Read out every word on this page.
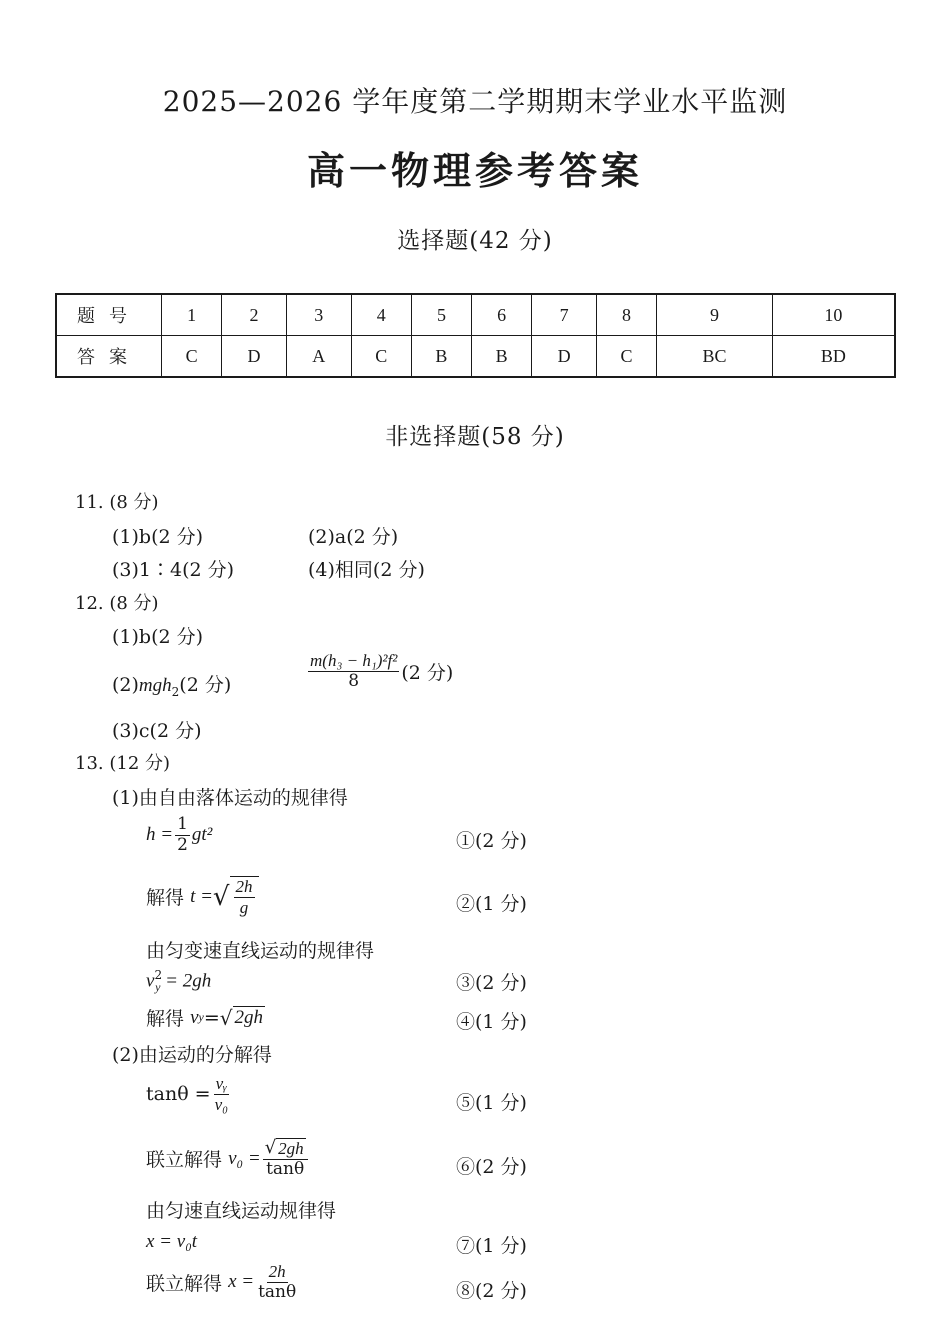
2025—2026 学年度第二学期期末学业水平监测
高一物理参考答案
选择题(42 分)
题号	1	2	3	4	5	6	7	8	9	10
答案	C	D	A	C	B	B	D	C	BC	BD
非选择题(58 分)
11. (8 分)
(1)b(2 分)	(2)a(2 分)
(3)1∶4(2 分)	(4)相同(2 分)
12. (8 分)
(1)b(2 分)
(2)mgh$_2$(2 分)	$\frac{\text{m(h₃ − h₁)²f²}}{8} (2$ 分)
(3)c(2 分)
13. (12 分)
(1)由自由落体运动的规律得
$h = \frac{1}{2} gt^2$	①(2 分)
解得
t = √ $\frac{2h}{g}$	②(1 分)
由匀变速直线运动的规律得
$v^2_y = 2gh$	③(2 分)
解得
v y = √ 2gh	④(1 分)
(2)由运动的分解得
$\tan\theta = \frac{\text{vᵧ}}{\text{v₀}}$	⑤(1 分)
联立解得
$v_0 = \frac{√ 2gh}{\tan\theta}$	⑥(2 分)
由匀速直线运动规律得
x = v₀t	⑦(1 分)
联立解得
$x = \frac{2h}{\tan\theta}$	⑧(2 分)
